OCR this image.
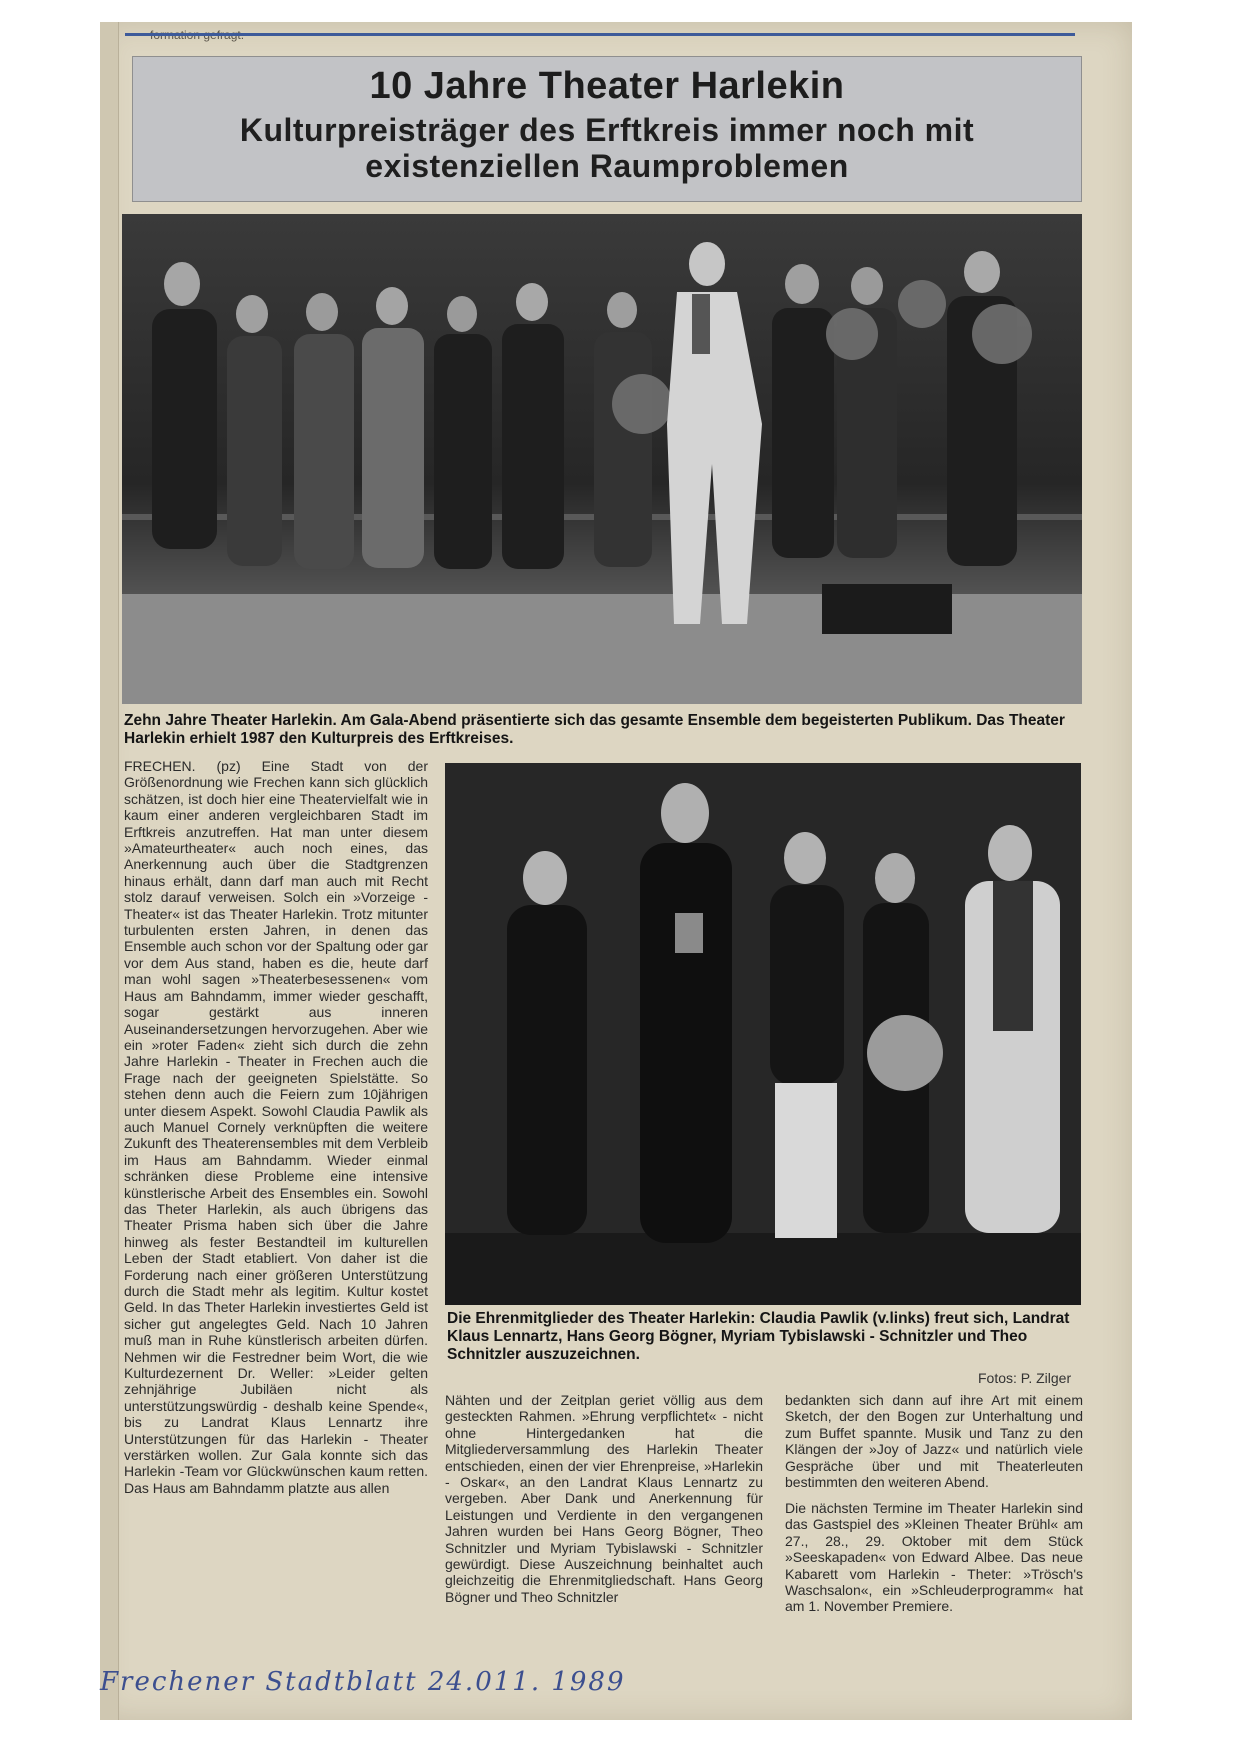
10 Jahre Theater Harlekin
Kulturpreisträger des Erftkreis immer noch mit existenziellen Raumproblemen
Zehn Jahre Theater Harlekin. Am Gala-Abend präsentierte sich das gesamte Ensemble dem begeisterten Publikum. Das Theater Harlekin erhielt 1987 den Kulturpreis des Erftkreises.
Die Ehrenmitglieder des Theater Harlekin: Claudia Pawlik (v.links) freut sich, Landrat Klaus Lennartz, Hans Georg Bögner, Myriam Tybislawski - Schnitzler und Theo Schnitzler auszuzeichnen.
Fotos: P. Zilger

FRECHEN. (pz) Eine Stadt von der Größenordnung wie Frechen kann sich glücklich schätzen, ist doch hier eine Theatervielfalt wie in kaum einer anderen vergleichbaren Stadt im Erftkreis anzutreffen. Hat man unter diesem »Amateurtheater« auch noch eines, das Anerkennung auch über die Stadtgrenzen hinaus erhält, dann darf man auch mit Recht stolz darauf verweisen. Solch ein »Vorzeige - Theater« ist das Theater Harlekin. Trotz mitunter turbulenten ersten Jahren, in denen das Ensemble auch schon vor der Spaltung oder gar vor dem Aus stand, haben es die, heute darf man wohl sagen »Theaterbesessenen« vom Haus am Bahndamm, immer wieder geschafft, sogar gestärkt aus inneren Auseinandersetzungen hervorzugehen. Aber wie ein »roter Faden« zieht sich durch die zehn Jahre Harlekin - Theater in Frechen auch die Frage nach der geeigneten Spielstätte. So stehen denn auch die Feiern zum 10jährigen unter diesem Aspekt. Sowohl Claudia Pawlik als auch Manuel Cornely verknüpften die weitere Zukunft des Theaterensembles mit dem Verbleib im Haus am Bahndamm. Wieder einmal schränken diese Probleme eine intensive künstlerische Arbeit des Ensembles ein. Sowohl das Theter Harlekin, als auch übrigens das Theater Prisma haben sich über die Jahre hinweg als fester Bestandteil im kulturellen Leben der Stadt etabliert. Von daher ist die Forderung nach einer größeren Unterstützung durch die Stadt mehr als legitim. Kultur kostet Geld. In das Theter Harlekin investiertes Geld ist sicher gut angelegtes Geld. Nach 10 Jahren muß man in Ruhe künstlerisch arbeiten dürfen. Nehmen wir die Festredner beim Wort, die wie Kulturdezernent Dr. Weller: »Leider gelten zehnjährige Jubiläen nicht als unterstützungswürdig - deshalb keine Spende«, bis zu Landrat Klaus Lennartz ihre Unterstützungen für das Harlekin - Theater verstärken wollen. Zur Gala konnte sich das Harlekin -Team vor Glückwünschen kaum retten. Das Haus am Bahndamm platzte aus allen

Nähten und der Zeitplan geriet völlig aus dem gesteckten Rahmen. »Ehrung verpflichtet« - nicht ohne Hintergedanken hat die Mitgliederversammlung des Harlekin Theater entschieden, einen der vier Ehrenpreise, »Harlekin - Oskar«, an den Landrat Klaus Lennartz zu vergeben. Aber Dank und Anerkennung für Leistungen und Verdiente in den vergangenen Jahren wurden bei Hans Georg Bögner, Theo Schnitzler und Myriam Tybislawski - Schnitzler gewürdigt. Diese Auszeichnung beinhaltet auch gleichzeitig die Ehrenmitgliedschaft. Hans Georg Bögner und Theo Schnitzler

bedankten sich dann auf ihre Art mit einem Sketch, der den Bogen zur Unterhaltung und zum Buffet spannte. Musik und Tanz zu den Klängen der »Joy of Jazz« und natürlich viele Gespräche über und mit Theaterleuten bestimmten den weiteren Abend.

Die nächsten Termine im Theater Harlekin sind das Gastspiel des »Kleinen Theater Brühl« am 27., 28., 29. Oktober mit dem Stück »Seeskapaden« von Edward Albee. Das neue Kabarett vom Harlekin - Theter: »Trösch's Waschsalon«, ein »Schleuderprogramm« hat am 1. November Premiere.

Frechener Stadtblatt 24.011. 1989
